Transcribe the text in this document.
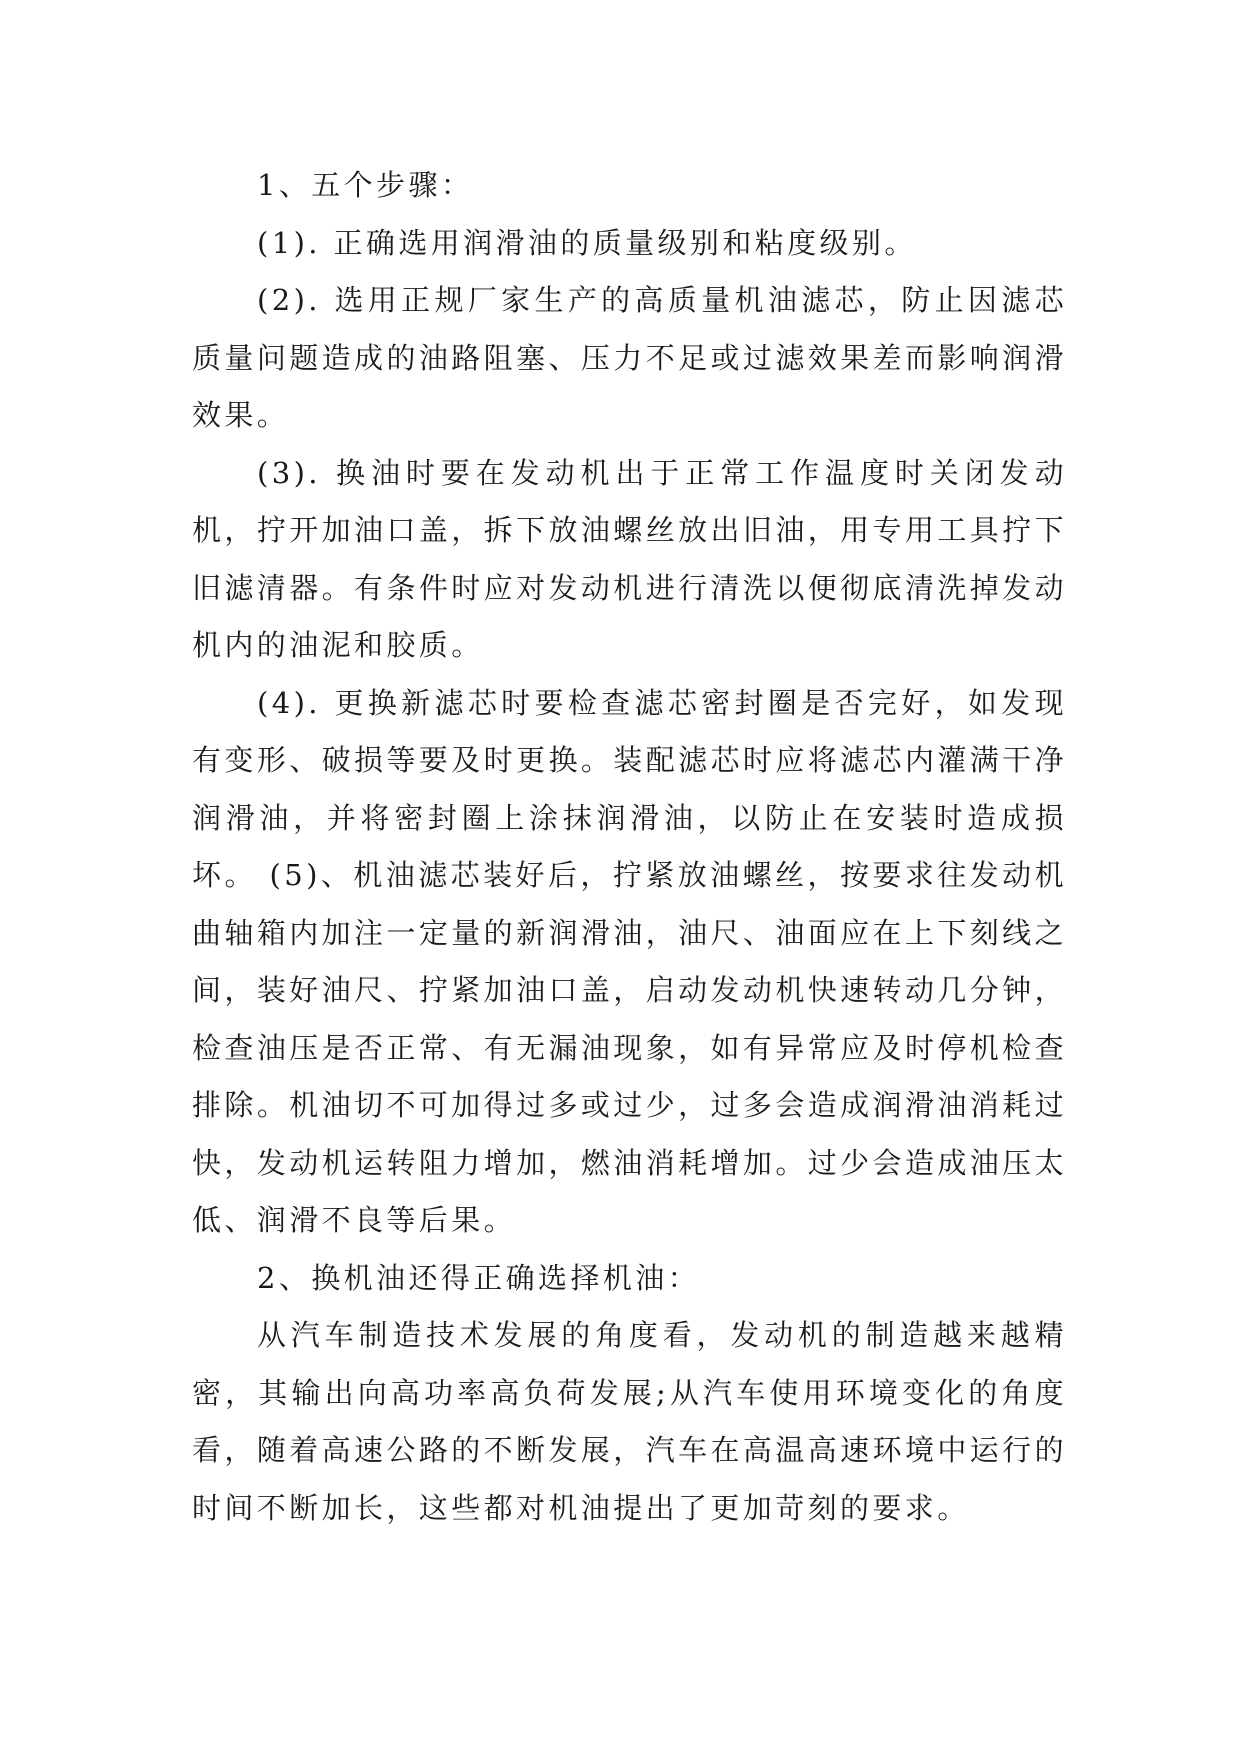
1、五个步骤：

(1). 正确选用润滑油的质量级别和粘度级别。

(2). 选用正规厂家生产的高质量机油滤芯，防止因滤芯质量问题造成的油路阻塞、压力不足或过滤效果差而影响润滑效果。

(3). 换油时要在发动机出于正常工作温度时关闭发动机，拧开加油口盖，拆下放油螺丝放出旧油，用专用工具拧下旧滤清器。有条件时应对发动机进行清洗以便彻底清洗掉发动机内的油泥和胶质。

(4). 更换新滤芯时要检查滤芯密封圈是否完好，如发现有变形、破损等要及时更换。装配滤芯时应将滤芯内灌满干净润滑油，并将密封圈上涂抹润滑油，以防止在安装时造成损坏。 (5)、机油滤芯装好后，拧紧放油螺丝，按要求往发动机曲轴箱内加注一定量的新润滑油，油尺、油面应在上下刻线之间，装好油尺、拧紧加油口盖，启动发动机快速转动几分钟，检查油压是否正常、有无漏油现象，如有异常应及时停机检查排除。机油切不可加得过多或过少，过多会造成润滑油消耗过快，发动机运转阻力增加，燃油消耗增加。过少会造成油压太低、润滑不良等后果。

2、换机油还得正确选择机油：

从汽车制造技术发展的角度看，发动机的制造越来越精密，其输出向高功率高负荷发展;从汽车使用环境变化的角度看，随着高速公路的不断发展，汽车在高温高速环境中运行的时间不断加长，这些都对机油提出了更加苛刻的要求。
